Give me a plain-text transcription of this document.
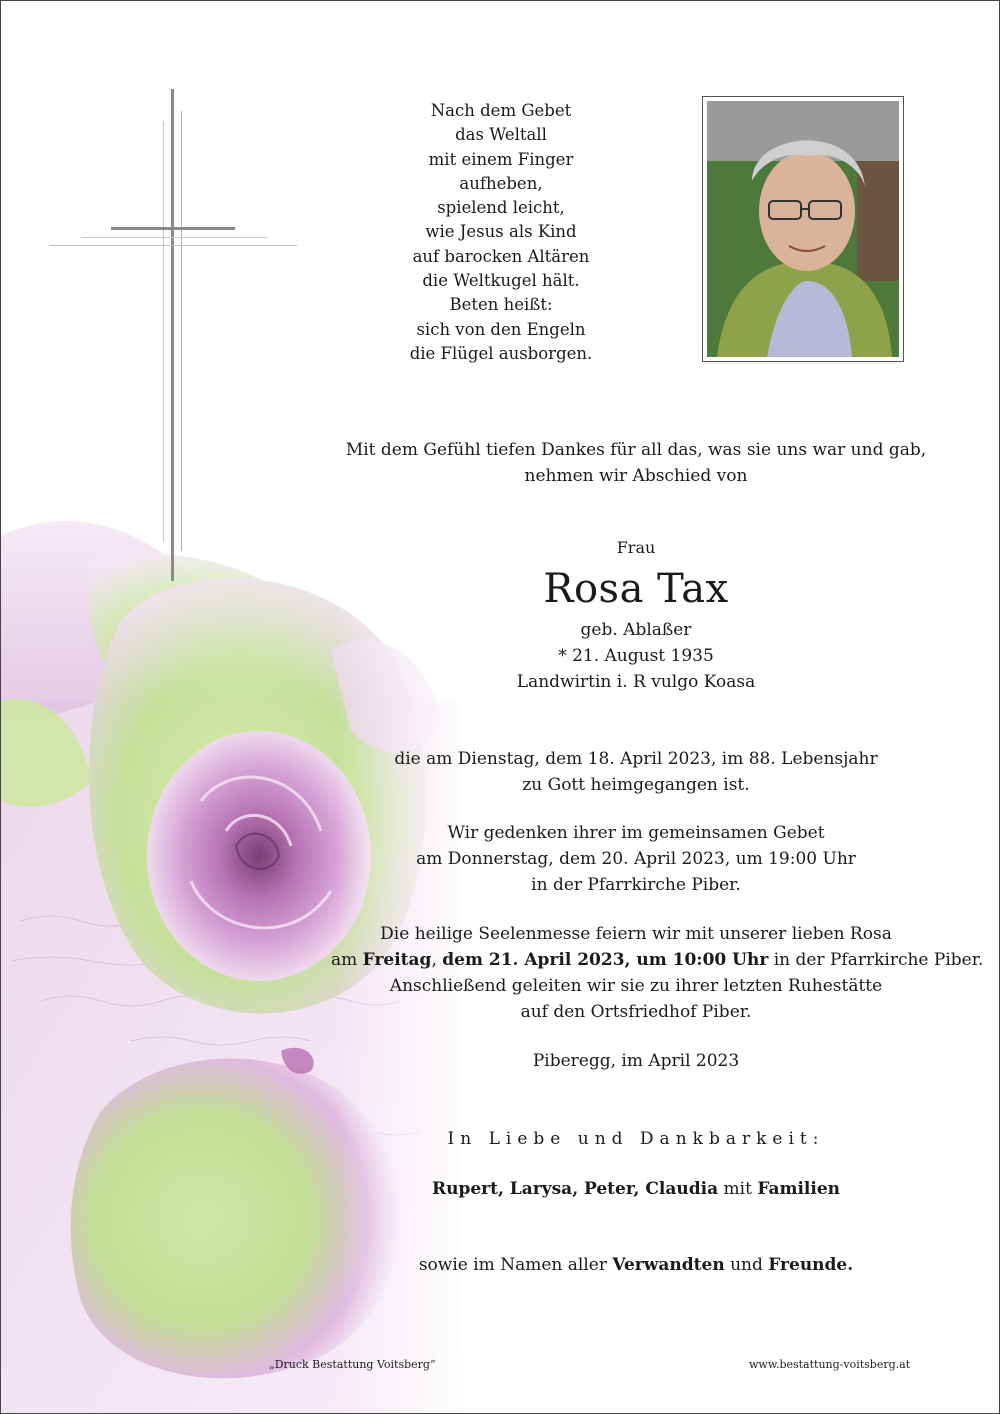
Nach dem Gebet
das Weltall
mit einem Finger
aufheben,
spielend leicht,
wie Jesus als Kind
auf barocken Altären
die Weltkugel hält.
Beten heißt:
sich von den Engeln
die Flügel ausborgen.
Mit dem Gefühl tiefen Dankes für all das, was sie uns war und gab,
nehmen wir Abschied von
Frau
Rosa Tax
geb. Ablaßer
* 21. August 1935
Landwirtin i. R vulgo Koasa
die am Dienstag, dem 18. April 2023, im 88. Lebensjahr
zu Gott heimgegangen ist.
Wir gedenken ihrer im gemeinsamen Gebet
am Donnerstag, dem 20. April 2023, um 19:00 Uhr
in der Pfarrkirche Piber.
Die heilige Seelenmesse feiern wir mit unserer lieben Rosa
am Freitag, dem 21. April 2023, um 10:00 Uhr in der Pfarrkirche Piber.
Anschließend geleiten wir sie zu ihrer letzten Ruhestätte
auf den Ortsfriedhof Piber.
Piberegg, im April 2023
In Liebe und Dankbarkeit:
Rupert, Larysa, Peter, Claudia mit Familien
sowie im Namen aller Verwandten und Freunde.
„Druck Bestattung Voitsberg“	www.bestattung-voitsberg.at
